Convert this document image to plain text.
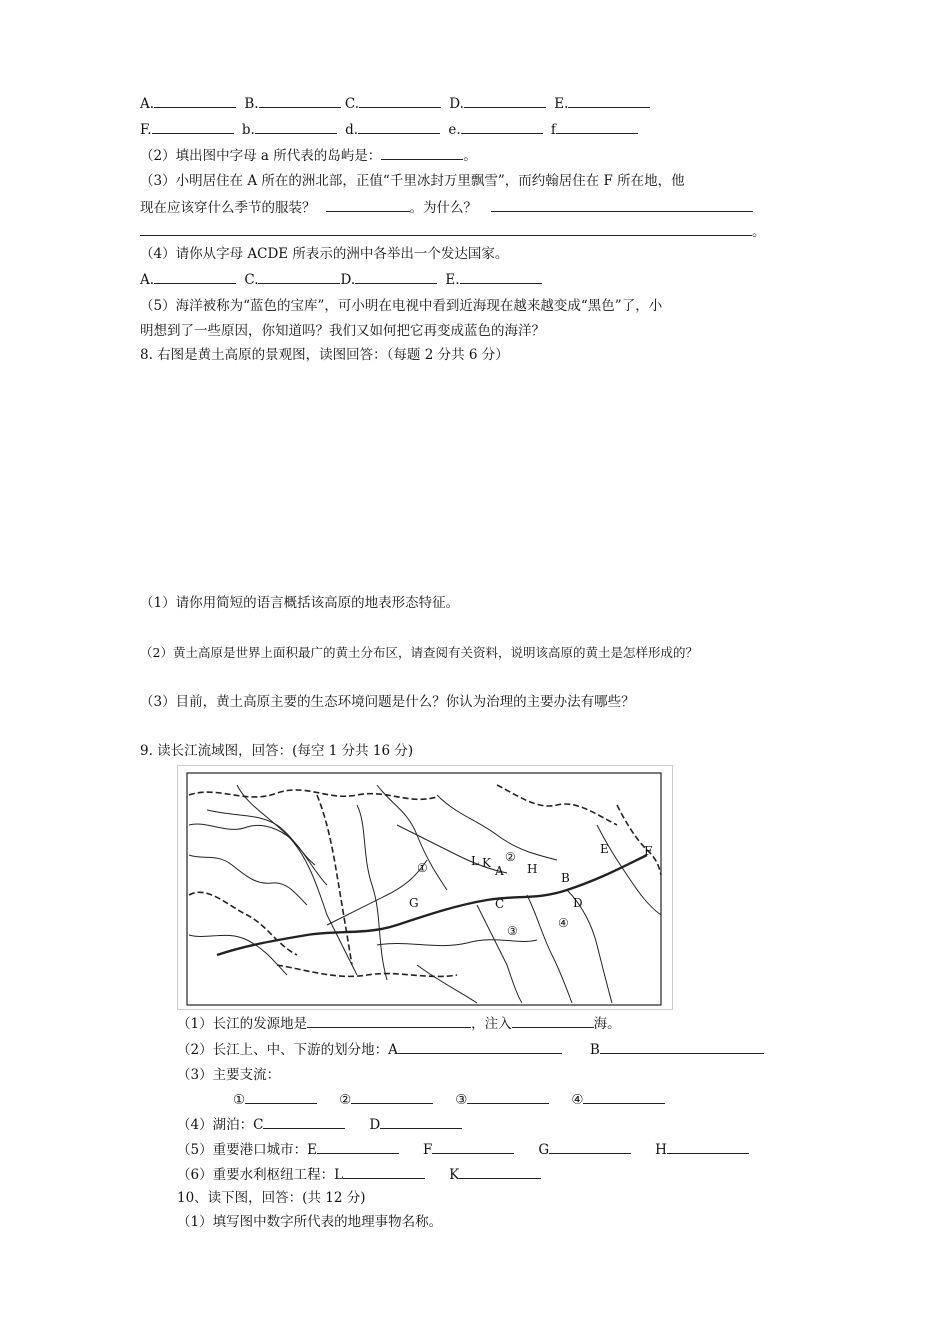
A.	B.	C.	D.	E.
F.	b.	d.	e.	f
（2）填出图中字母 a 所代表的岛屿是：	。
（3）小明居住在 A 所在的洲北部，正值“千里冰封万里飘雪”，而约翰居住在 F 所在地，他
现在应该穿什么季节的服装？	。为什么？
。
（4）请你从字母 ACDE 所表示的洲中各举出一个发达国家。
A.	C.	D.	E.
（5）海洋被称为“蓝色的宝库”，可小明在电视中看到近海现在越来越变成“黑色”了，小
明想到了一些原因，你知道吗？我们又如何把它再变成蓝色的海洋？
8. 右图是黄土高原的景观图，读图回答：（每题 2 分共 6 分）
（1）请你用简短的语言概括该高原的地表形态特征。
（2）黄土高原是世界上面积最广的黄土分布区，请查阅有关资料，说明该高原的黄土是怎样形成的？
（3）目前，黄土高原主要的生态环境问题是什么？你认为治理的主要办法有哪些？
9. 读长江流域图，回答：(每空 1 分共 16 分)
①
②
③
④
A	B
C	D
E	F
G
H
L K
（1）长江的发源地是	，注入	海。
（2）长江上、中、下游的划分地：A	B
（3）主要支流：
①	②	③	④
（4）湖泊：C	D
（5）重要港口城市：E	F	G	H
（6）重要水利枢纽工程：L	K
10、读下图，回答：(共 12 分)
（1）填写图中数字所代表的地理事物名称。
